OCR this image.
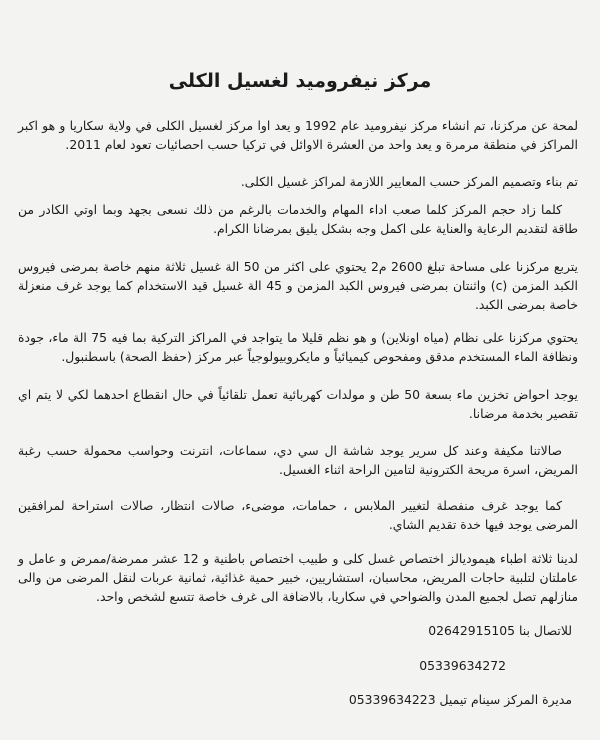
مركز نيفروميد لغسيل الكلى

لمحة عن مركزنا، تم انشاء مركز نيفروميد عام 1992 و يعد اوا مركز لغسيل الكلى في ولاية سكاريا و هو اكبر المراكز في منطقة مرمرة و يعد واحد من العشرة الاوائل في تركيا حسب احصائيات تعود لعام 2011.

تم بناء وتصميم المركز حسب المعايير اللازمة لمراكز غسيل الكلى.

كلما زاد حجم المركز كلما صعب اداء المهام والخدمات بالرغم من ذلك نسعى بجهد وبما اوتي الكادر من طاقة لتقديم الرعاية والعناية على اكمل وجه بشكل يليق بمرضانا الكرام.

يتربع مركزنا على مساحة تبلغ 2600 م2 يحتوي على اكثر من 50 الة غسيل ثلاثة منهم خاصة بمرضى فيروس الكبد المزمن (c) واثنتان بمرضى فيروس الكبد المزمن و 45 الة غسيل قيد الاستخدام كما يوجد غرف منعزلة خاصة بمرضى الكبد.

يحتوي مركزنا على نظام (مياه اونلاين) و هو نظم قليلا ما يتواجد في المراكز التركية بما فيه 75 الة ماء، جودة ونظافة الماء المستخدم مدقق ومفحوص كيميائياً و مايكروبيولوجياً عبر مركز (حفظ الصحة) باسطنبول.

يوجد احواض تخزين ماء بسعة 50 طن و مولدات كهربائية تعمل تلقائياً في حال انقطاع احدهما لكي لا يتم اي تقصير بخدمة مرضانا.

صالاتنا مكيفة وعند كل سرير يوجد شاشة ال سي دي، سماعات، انترنت وحواسب محمولة حسب رغبة المريض، اسرة مريحة الكترونية لتامين الراحة اثناء الغسيل.

كما يوجد غرف منفصلة لتغيير الملابس ، حمامات، موضىء، صالات انتظار، صالات استراحة لمرافقين المرضى يوجد فيها خدة تقديم الشاي.

لدينا ثلاثة اطباء هيموديالز اختصاص غسل كلى و طبيب اختصاص باطنية و 12 عشر ممرضة/ممرض و عامل و عاملتان لتلبية حاجات المريض، محاسبان، استشاريين، خبير حمية غذائية، ثمانية عربات لنقل المرضى من والى منازلهم تصل لجميع المدن والضواحي في سكاريا، بالاضافة الى غرف خاصة تتسع لشخص واحد.

للاتصال بنا 02642915105
05339634272
مديرة المركز سينام تيميل 05339634223
